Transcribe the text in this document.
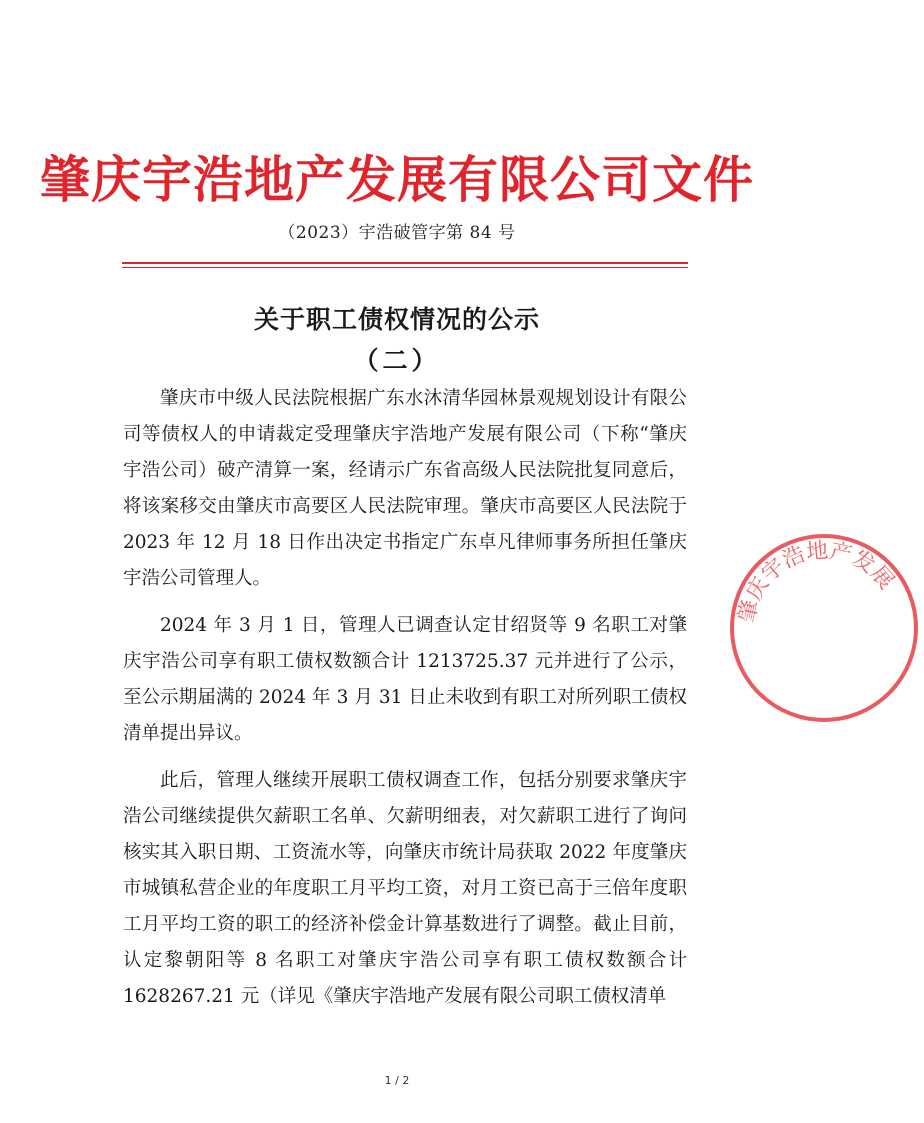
肇庆宇浩地产发展有限公司文件
（2023）宇浩破管字第 84 号
关于职工债权情况的公示
（二）

肇庆市中级人民法院根据广东水沐清华园林景观规划设计有限公司等债权人的申请裁定受理肇庆宇浩地产发展有限公司（下称“肇庆宇浩公司）破产清算一案，经请示广东省高级人民法院批复同意后，将该案移交由肇庆市高要区人民法院审理。肇庆市高要区人民法院于2023 年 12 月 18 日作出决定书指定广东卓凡律师事务所担任肇庆宇浩公司管理人。

2024 年 3 月 1 日，管理人已调查认定甘绍贤等 9 名职工对肇庆宇浩公司享有职工债权数额合计 1213725.37 元并进行了公示，至公示期届满的 2024 年 3 月 31 日止未收到有职工对所列职工债权清单提出异议。

此后，管理人继续开展职工债权调查工作，包括分别要求肇庆宇浩公司继续提供欠薪职工名单、欠薪明细表，对欠薪职工进行了询问核实其入职日期、工资流水等，向肇庆市统计局获取 2022 年度肇庆市城镇私营企业的年度职工月平均工资，对月工资已高于三倍年度职工月平均工资的职工的经济补偿金计算基数进行了调整。截止目前，认定黎朝阳等 8 名职工对肇庆宇浩公司享有职工债权数额合计1628267.21 元（详见《肇庆宇浩地产发展有限公司职工债权清单

肇庆宇浩地产发展
1 / 2
